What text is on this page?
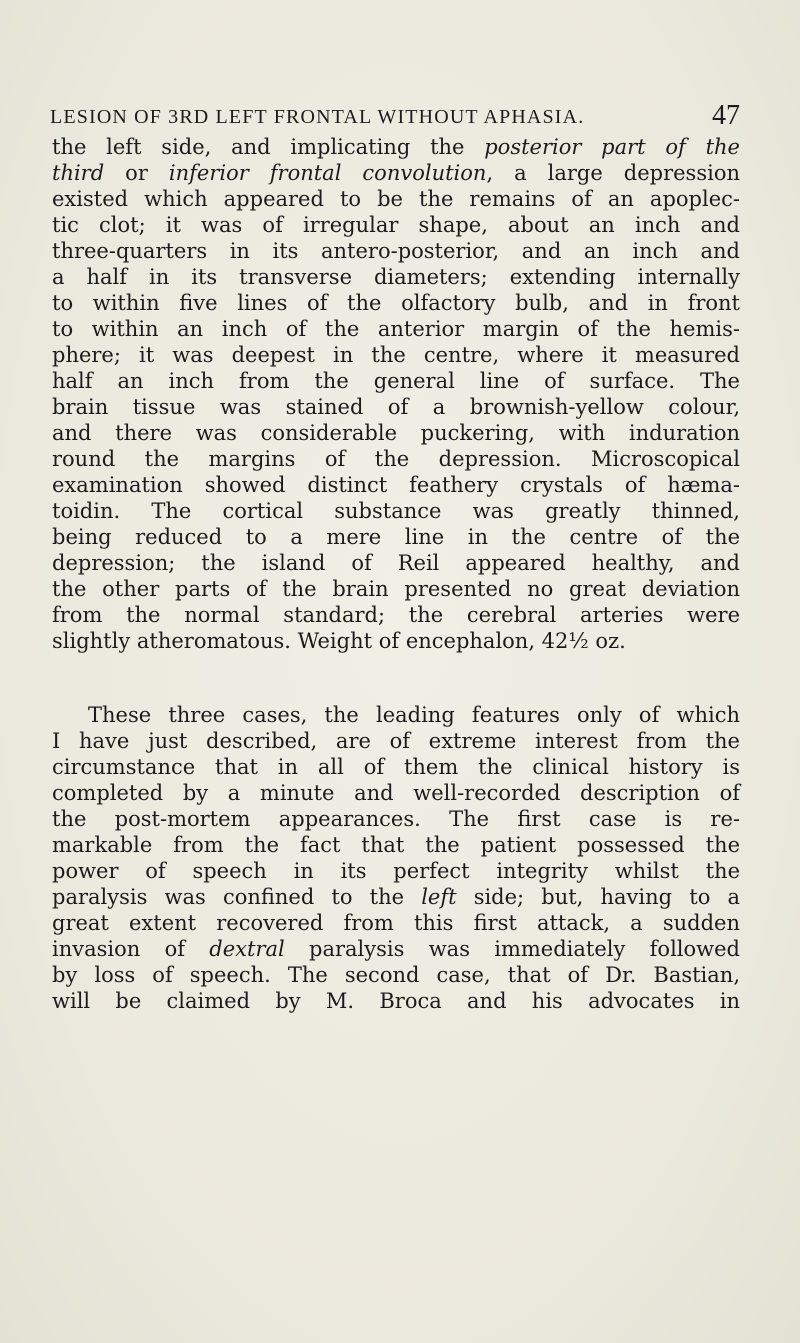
LESION OF 3RD LEFT FRONTAL WITHOUT APHASIA.	47
the left side, and implicating the posterior part of the
third or inferior frontal convolution, a large depression
existed which appeared to be the remains of an apoplec-
tic clot; it was of irregular shape, about an inch and
three-quarters in its antero-posterior, and an inch and
a half in its transverse diameters; extending internally
to within five lines of the olfactory bulb, and in front
to within an inch of the anterior margin of the hemis-
phere; it was deepest in the centre, where it measured
half an inch from the general line of surface. The
brain tissue was stained of a brownish-yellow colour,
and there was considerable puckering, with induration
round the margins of the depression. Microscopical
examination showed distinct feathery crystals of hæma-
toidin. The cortical substance was greatly thinned,
being reduced to a mere line in the centre of the
depression; the island of Reil appeared healthy, and
the other parts of the brain presented no great deviation
from the normal standard; the cerebral arteries were
slightly atheromatous. Weight of encephalon, 42½ oz.
These three cases, the leading features only of which
I have just described, are of extreme interest from the
circumstance that in all of them the clinical history is
completed by a minute and well-recorded description of
the post-mortem appearances. The first case is re-
markable from the fact that the patient possessed the
power of speech in its perfect integrity whilst the
paralysis was confined to the left side; but, having to a
great extent recovered from this first attack, a sudden
invasion of dextral paralysis was immediately followed
by loss of speech. The second case, that of Dr. Bastian,
will be claimed by M. Broca and his advocates in
